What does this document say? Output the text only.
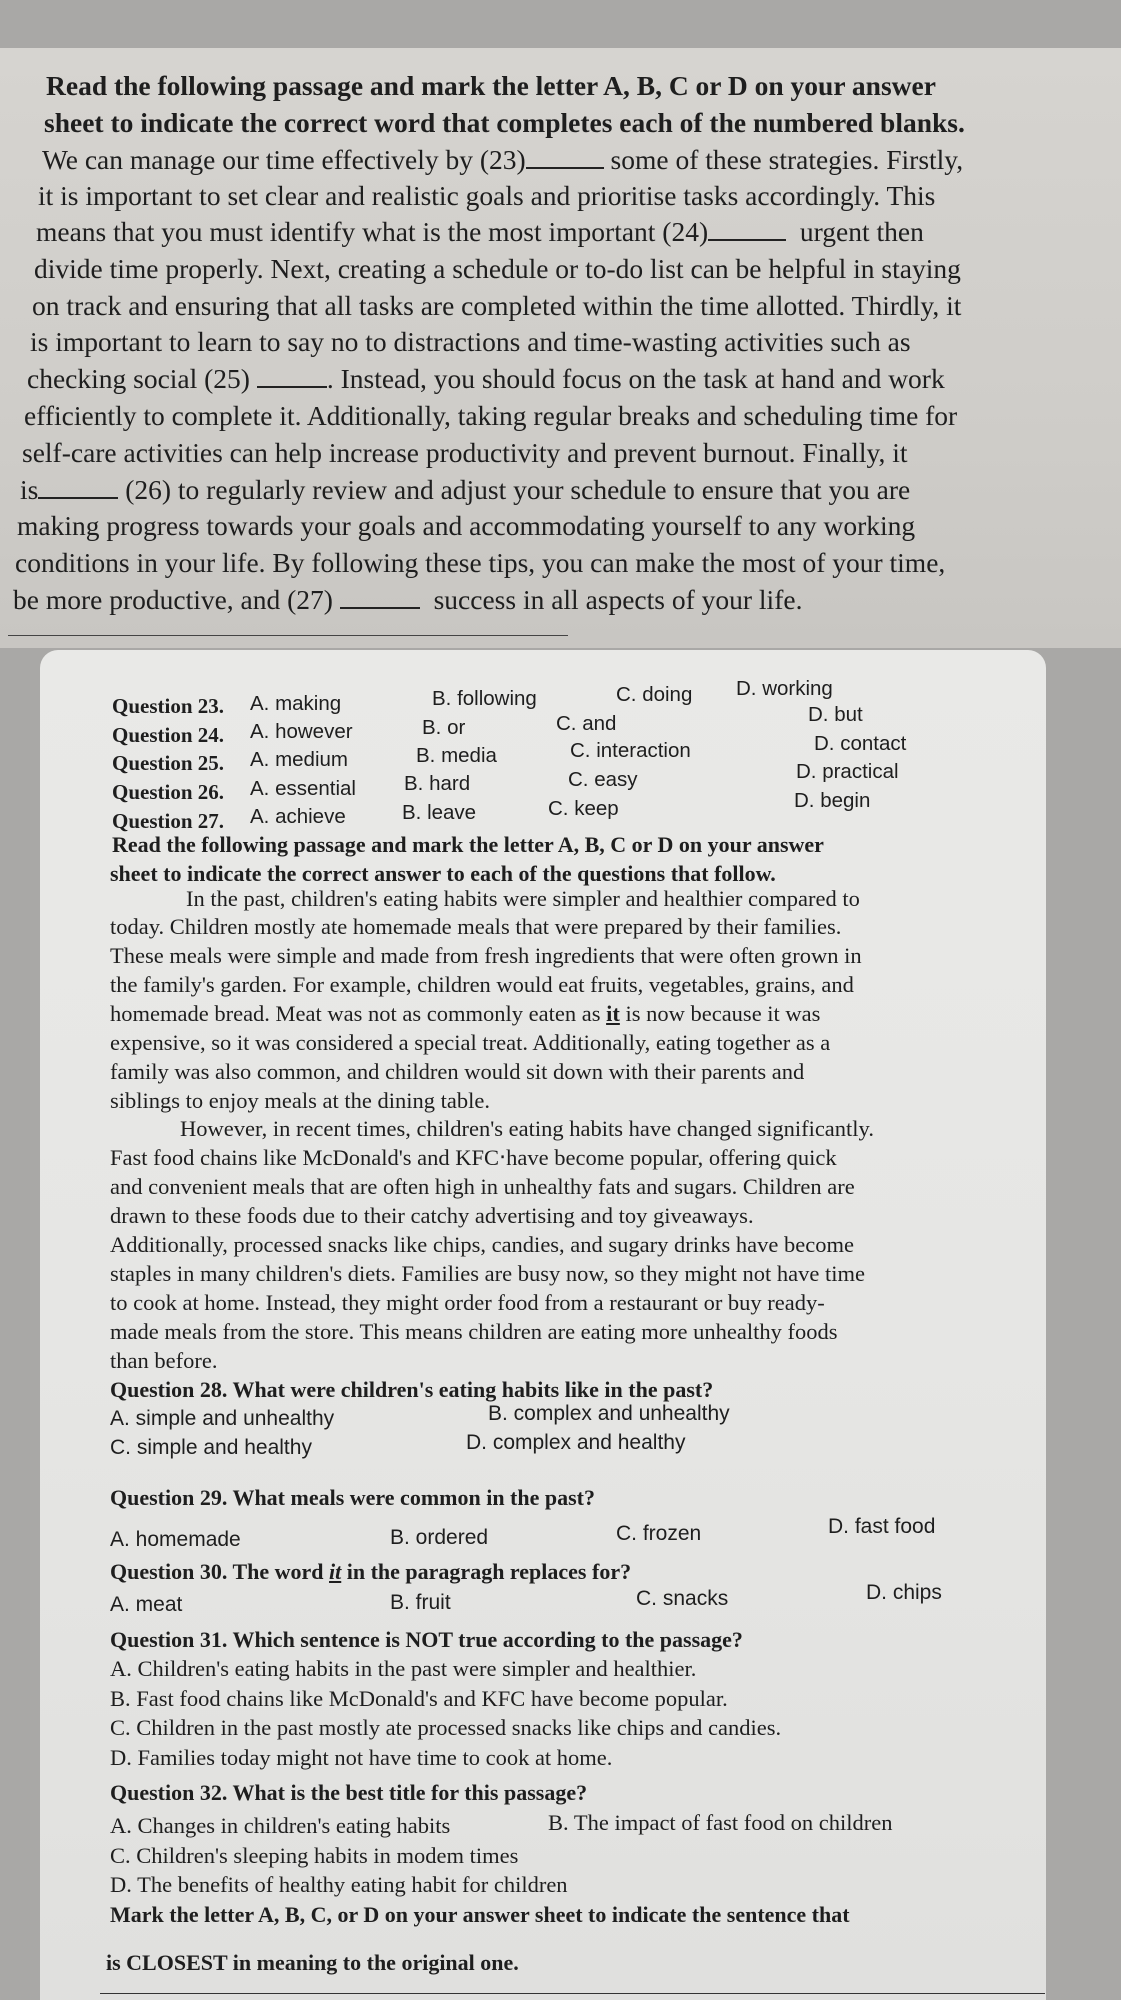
Read the following passage and mark the letter A, B, C or D on your answer
sheet to indicate the correct word that completes each of the numbered blanks.
We can manage our time effectively by (23)	some of these strategies. Firstly,
it is important to set clear and realistic goals and prioritise tasks accordingly. This
means that you must identify what is the most important (24)	urgent then
divide time properly. Next, creating a schedule or to-do list can be helpful in staying
on track and ensuring that all tasks are completed within the time allotted. Thirdly, it
is important to learn to say no to distractions and time-wasting activities such as
checking social (25)	. Instead, you should focus on the task at hand and work
efficiently to complete it. Additionally, taking regular breaks and scheduling time for
self-care activities can help increase productivity and prevent burnout. Finally, it
is	(26) to regularly review and adjust your schedule to ensure that you are
making progress towards your goals and accommodating yourself to any working
conditions in your life. By following these tips, you can make the most of your time,
be more productive, and (27)	success in all aspects of your life.
Question 23. A. making	B. following	C. doing D. working
Question 24. A. however	B. or	C. and	D. but
Question 25. A. medium	B. media	C. interaction	D. contact
Question 26. A. essential B. hard	C. easy	D. practical
Question 27. A. achieve	B. leave	C. keep	D. begin
Read the following passage and mark the letter A, B, C or D on your answer
sheet to indicate the correct answer to each of the questions that follow.
In the past, children's eating habits were simpler and healthier compared to
today. Children mostly ate homemade meals that were prepared by their families.
These meals were simple and made from fresh ingredients that were often grown in
the family's garden. For example, children would eat fruits, vegetables, grains, and
homemade bread. Meat was not as commonly eaten as it is now because it was
expensive, so it was considered a special treat. Additionally, eating together as a
family was also common, and children would sit down with their parents and
siblings to enjoy meals at the dining table.
However, in recent times, children's eating habits have changed significantly.
Fast food chains like McDonald's and KFC‧have become popular, offering quick
and convenient meals that are often high in unhealthy fats and sugars. Children are
drawn to these foods due to their catchy advertising and toy giveaways.
Additionally, processed snacks like chips, candies, and sugary drinks have become
staples in many children's diets. Families are busy now, so they might not have time
to cook at home. Instead, they might order food from a restaurant or buy ready-
made meals from the store. This means children are eating more unhealthy foods
than before.
Question 28. What were children's eating habits like in the past?
A. simple and unhealthy	B. complex and unhealthy
C. simple and healthy	D. complex and healthy
Question 29. What meals were common in the past?
A. homemade	B. ordered	C. frozen	D. fast food
Question 30. The word it in the paragragh replaces for?
A. meat	B. fruit	C. snacks	D. chips
Question 31. Which sentence is NOT true according to the passage?
A. Children's eating habits in the past were simpler and healthier.
B. Fast food chains like McDonald's and KFC have become popular.
C. Children in the past mostly ate processed snacks like chips and candies.
D. Families today might not have time to cook at home.
Question 32. What is the best title for this passage?
A. Changes in children's eating habits	B. The impact of fast food on children
C. Children's sleeping habits in modem times
D. The benefits of healthy eating habit for children
Mark the letter A, B, C, or D on your answer sheet to indicate the sentence that
is CLOSEST in meaning to the original one.
